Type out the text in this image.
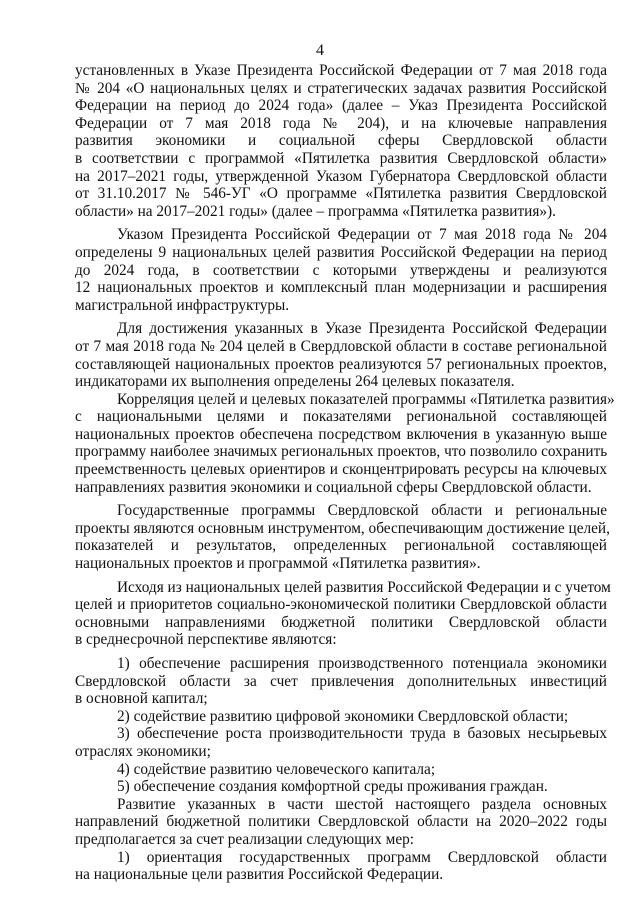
4

установленных в Указе Президента Российской Федерации от 7 мая 2018 года

№ 204 «О национальных целях и стратегических задачах развития Российской

Федерации на период до 2024 года» (далее – Указ Президента Российской

Федерации от 7 мая 2018 года № 204), и на ключевые направления

развития экономики и социальной сферы Свердловской области

в соответствии с программой «Пятилетка развития Свердловской области»

на 2017–2021 годы, утвержденной Указом Губернатора Свердловской области

от 31.10.2017 № 546-УГ «О программе «Пятилетка развития Свердловской

области» на 2017–2021 годы» (далее – программа «Пятилетка развития»).

Указом Президента Российской Федерации от 7 мая 2018 года № 204

определены 9 национальных целей развития Российской Федерации на период

до 2024 года, в соответствии с которыми утверждены и реализуются

12 национальных проектов и комплексный план модернизации и расширения

магистральной инфраструктуры.

Для достижения указанных в Указе Президента Российской Федерации

от 7 мая 2018 года № 204 целей в Свердловской области в составе региональной

составляющей национальных проектов реализуются 57 региональных проектов,

индикаторами их выполнения определены 264 целевых показателя.

Корреляция целей и целевых показателей программы «Пятилетка развития»

с национальными целями и показателями региональной составляющей

национальных проектов обеспечена посредством включения в указанную выше

программу наиболее значимых региональных проектов, что позволило сохранить

преемственность целевых ориентиров и сконцентрировать ресурсы на ключевых

направлениях развития экономики и социальной сферы Свердловской области.

Государственные программы Свердловской области и региональные

проекты являются основным инструментом, обеспечивающим достижение целей,

показателей и результатов, определенных региональной составляющей

национальных проектов и программой «Пятилетка развития».

Исходя из национальных целей развития Российской Федерации и с учетом

целей и приоритетов социально-экономической политики Свердловской области

основными направлениями бюджетной политики Свердловской области

в среднесрочной перспективе являются:

1) обеспечение расширения производственного потенциала экономики

Свердловской области за счет привлечения дополнительных инвестиций

в основной капитал;

2) содействие развитию цифровой экономики Свердловской области;

3) обеспечение роста производительности труда в базовых несырьевых

отраслях экономики;

4) содействие развитию человеческого капитала;

5) обеспечение создания комфортной среды проживания граждан.

Развитие указанных в части шестой настоящего раздела основных

направлений бюджетной политики Свердловской области на 2020–2022 годы

предполагается за счет реализации следующих мер:

1) ориентация государственных программ Свердловской области

на национальные цели развития Российской Федерации.
